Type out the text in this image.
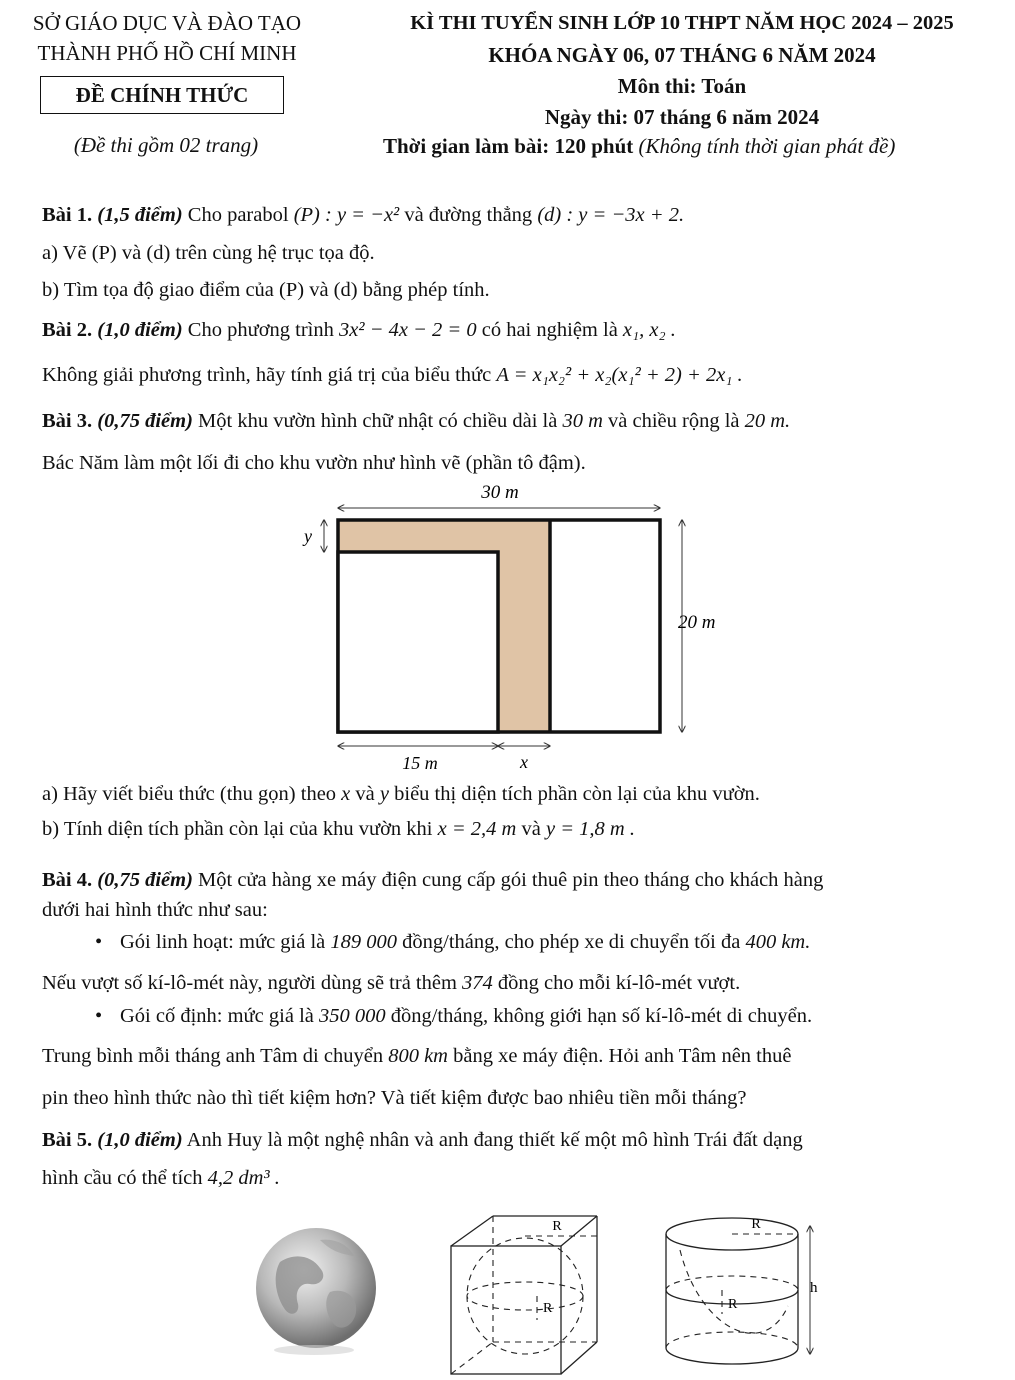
SỞ GIÁO DỤC VÀ ĐÀO TẠO
THÀNH PHỐ HỒ CHÍ MINH
ĐỀ CHÍNH THỨC
(Đề thi gồm 02 trang)
KÌ THI TUYỂN SINH LỚP 10 THPT NĂM HỌC 2024 – 2025
KHÓA NGÀY 06, 07 THÁNG 6 NĂM 2024
Môn thi: Toán
Ngày thi: 07 tháng 6 năm 2024
Thời gian làm bài: 120 phút (Không tính thời gian phát đề)
Bài 1. (1,5 điểm) Cho parabol (P) : y = −x² và đường thẳng (d) : y = −3x + 2.
a) Vẽ (P) và (d) trên cùng hệ trục tọa độ.
b) Tìm tọa độ giao điểm của (P) và (d) bằng phép tính.
Bài 2. (1,0 điểm) Cho phương trình 3x² − 4x − 2 = 0 có hai nghiệm là x₁, x₂ .
Không giải phương trình, hãy tính giá trị của biểu thức A = x₁x₂² + x₂(x₁² + 2) + 2x₁ .
Bài 3. (0,75 điểm) Một khu vườn hình chữ nhật có chiều dài là 30 m và chiều rộng là 20 m.
Bác Năm làm một lối đi cho khu vườn như hình vẽ (phần tô đậm).
30 m
20 m
y
15 m	x
a) Hãy viết biểu thức (thu gọn) theo x và y biểu thị diện tích phần còn lại của khu vườn.
b) Tính diện tích phần còn lại của khu vườn khi x = 2,4 m và y = 1,8 m .
Bài 4. (0,75 điểm) Một cửa hàng xe máy điện cung cấp gói thuê pin theo tháng cho khách hàng
dưới hai hình thức như sau:
• Gói linh hoạt: mức giá là 189 000 đồng/tháng, cho phép xe di chuyển tối đa 400 km.
Nếu vượt số kí-lô-mét này, người dùng sẽ trả thêm 374 đồng cho mỗi kí-lô-mét vượt.
• Gói cố định: mức giá là 350 000 đồng/tháng, không giới hạn số kí-lô-mét di chuyển.
Trung bình mỗi tháng anh Tâm di chuyển 800 km bằng xe máy điện. Hỏi anh Tâm nên thuê
pin theo hình thức nào thì tiết kiệm hơn? Và tiết kiệm được bao nhiêu tiền mỗi tháng?
Bài 5. (1,0 điểm) Anh Huy là một nghệ nhân và anh đang thiết kế một mô hình Trái đất dạng
hình cầu có thể tích 4,2 dm³ .
R
R
R
R
h
